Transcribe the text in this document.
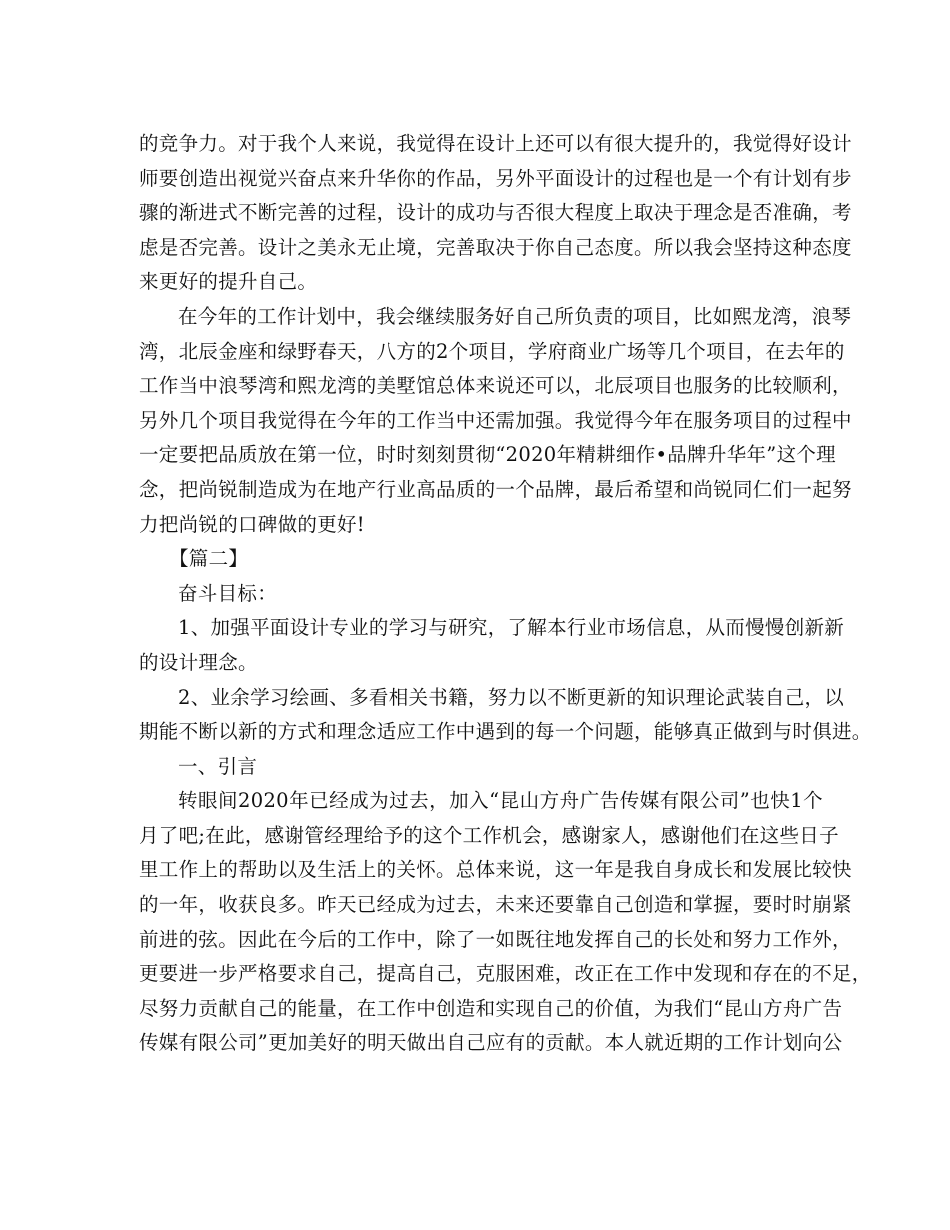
的竞争力。对于我个人来说，我觉得在设计上还可以有很大提升的，我觉得好设计
师要创造出视觉兴奋点来升华你的作品，另外平面设计的过程也是一个有计划有步
骤的渐进式不断完善的过程，设计的成功与否很大程度上取决于理念是否准确，考
虑是否完善。设计之美永无止境，完善取决于你自己态度。所以我会坚持这种态度
来更好的提升自己。
在今年的工作计划中，我会继续服务好自己所负责的项目，比如熙龙湾，浪琴
湾，北辰金座和绿野春天，八方的2个项目，学府商业广场等几个项目，在去年的
工作当中浪琴湾和熙龙湾的美墅馆总体来说还可以，北辰项目也服务的比较顺利，
另外几个项目我觉得在今年的工作当中还需加强。我觉得今年在服务项目的过程中
一定要把品质放在第一位，时时刻刻贯彻“2020年精耕细作•品牌升华年”这个理
念，把尚锐制造成为在地产行业高品质的一个品牌，最后希望和尚锐同仁们一起努
力把尚锐的口碑做的更好!
【篇二】
奋斗目标：
1、加强平面设计专业的学习与研究，了解本行业市场信息，从而慢慢创新新
的设计理念。
2、业余学习绘画、多看相关书籍，努力以不断更新的知识理论武装自己，以
期能不断以新的方式和理念适应工作中遇到的每一个问题，能够真正做到与时俱进。
一、引言
转眼间2020年已经成为过去，加入“昆山方舟广告传媒有限公司”也快1个
月了吧;在此，感谢管经理给予的这个工作机会，感谢家人，感谢他们在这些日子
里工作上的帮助以及生活上的关怀。总体来说，这一年是我自身成长和发展比较快
的一年，收获良多。昨天已经成为过去，未来还要靠自己创造和掌握，要时时崩紧
前进的弦。因此在今后的工作中，除了一如既往地发挥自己的长处和努力工作外，
更要进一步严格要求自己，提高自己，克服困难，改正在工作中发现和存在的不足，
尽努力贡献自己的能量，在工作中创造和实现自己的价值，为我们“昆山方舟广告
传媒有限公司”更加美好的明天做出自己应有的贡献。本人就近期的工作计划向公
